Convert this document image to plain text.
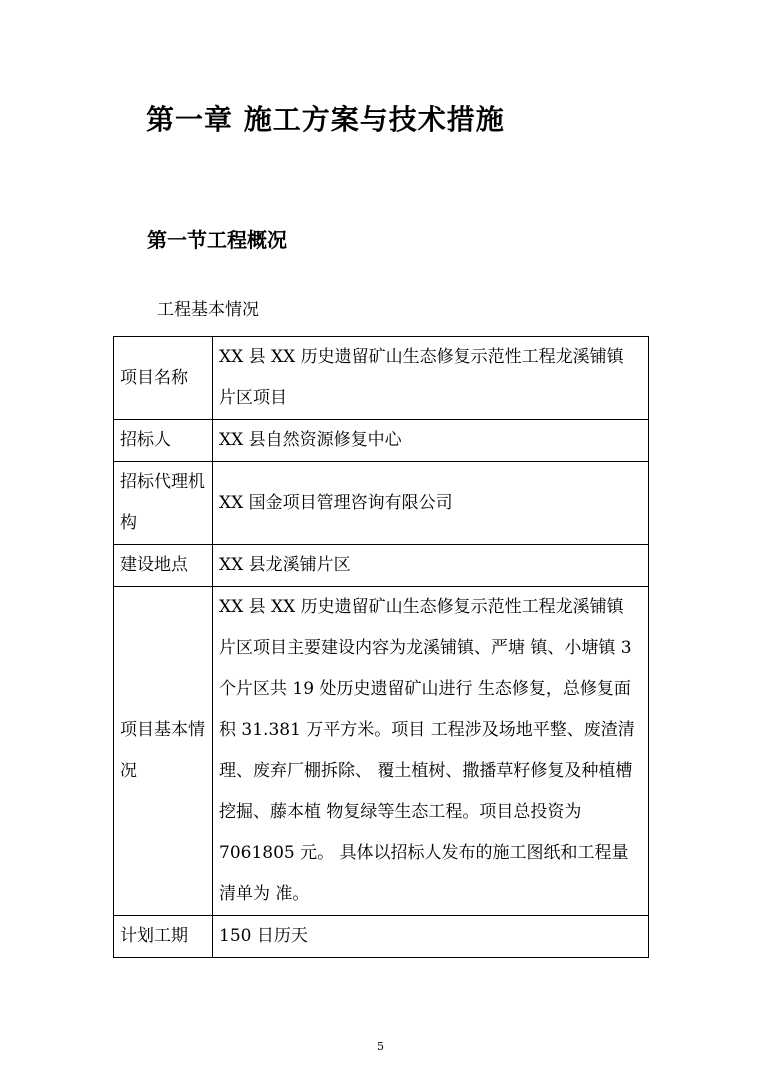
第一章 施工方案与技术措施
第一节工程概况
工程基本情况
项目名称	XX 县 XX 历史遗留矿山生态修复示范性工程龙溪铺镇片区项目
招标人	XX 县自然资源修复中心
招标代理机构	XX 国金项目管理咨询有限公司
建设地点	XX 县龙溪铺片区
项目基本情况	XX 县 XX 历史遗留矿山生态修复示范性工程龙溪铺镇片区项目主要建设内容为龙溪铺镇、严塘 镇、小塘镇 3 个片区共 19 处历史遗留矿山进行 生态修复，总修复面积 31.381 万平方米。项目 工程涉及场地平整、废渣清理、废弃厂棚拆除、 覆土植树、撒播草籽修复及种植槽挖掘、藤本植 物复绿等生态工程。项目总投资为 7061805 元。 具体以招标人发布的施工图纸和工程量清单为 准。
计划工期	150 日历天
5
